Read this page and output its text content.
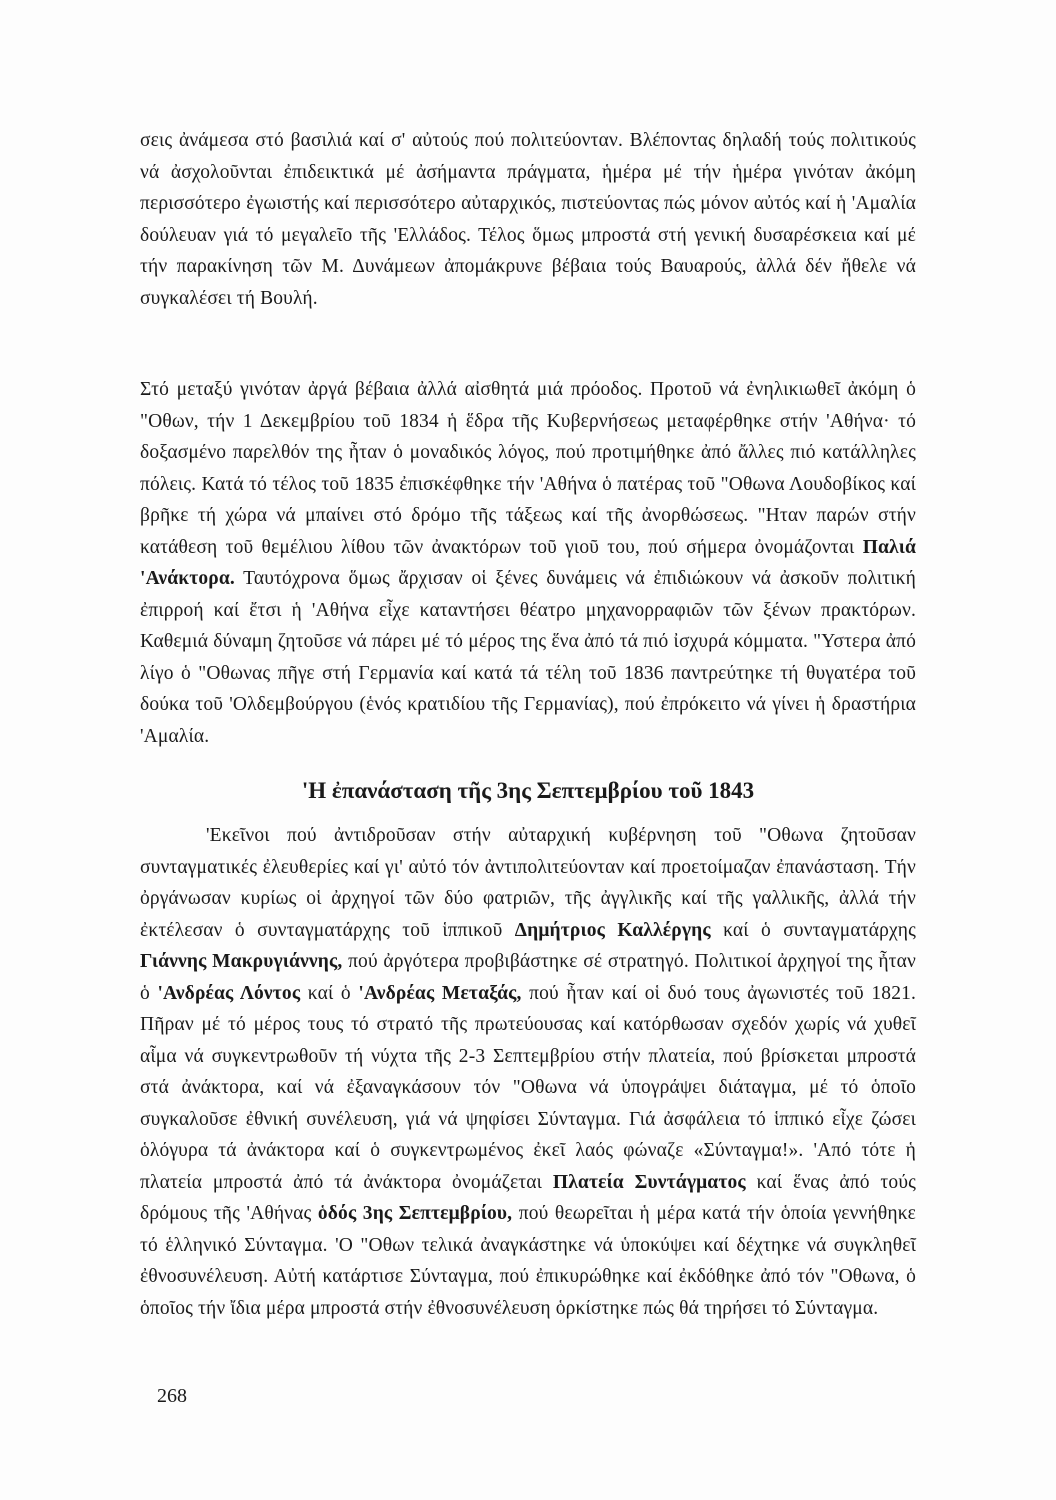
σεις ἀνάμεσα στό βασιλιά καί σ' αὐτούς πού πολιτεύονταν. Βλέποντας δηλαδή τούς πολιτικούς νά ἀσχολοῦνται ἐπιδεικτικά μέ ἀσήμαντα πράγματα, ἡμέρα μέ τήν ἡμέρα γινόταν ἀκόμη περισσότερο ἐγωιστής καί περισσότερο αὐταρχικός, πιστεύοντας πώς μόνον αὐτός καί ἡ 'Αμαλία δούλευαν γιά τό μεγαλεῖο τῆς 'Ελλάδος. Τέλος ὅμως μπροστά στή γενική δυσαρέσκεια καί μέ τήν παρακίνηση τῶν Μ. Δυνάμεων ἀπομάκρυνε βέβαια τούς Βαυαρούς, ἀλλά δέν ἤθελε νά συγκαλέσει τή Βουλή.

Στό μεταξύ γινόταν ἀργά βέβαια ἀλλά αἰσθητά μιά πρόοδος. Προτοῦ νά ἐνηλικιωθεῖ ἀκόμη ὁ "Οθων, τήν 1 Δεκεμβρίου τοῦ 1834 ἡ ἕδρα τῆς Κυβερνήσεως μεταφέρθηκε στήν 'Αθήνα· τό δοξασμένο παρελθόν της ἦταν ὁ μοναδικός λόγος, πού προτιμήθηκε ἀπό ἄλλες πιό κατάλληλες πόλεις. Κατά τό τέλος τοῦ 1835 ἐπισκέφθηκε τήν 'Αθήνα ὁ πατέρας τοῦ "Οθωνα Λουδοβίκος καί βρῆκε τή χώρα νά μπαίνει στό δρόμο τῆς τάξεως καί τῆς ἀνορθώσεως. "Ηταν παρών στήν κατάθεση τοῦ θεμέλιου λίθου τῶν ἀνακτόρων τοῦ γιοῦ του, πού σήμερα ὀνομάζονται Παλιά 'Ανάκτορα. Ταυτόχρονα ὅμως ἄρχισαν οἱ ξένες δυνάμεις νά ἐπιδιώκουν νά ἀσκοῦν πολιτική ἐπιρροή καί ἔτσι ἡ 'Αθήνα εἶχε καταντήσει θέατρο μηχανορραφιῶν τῶν ξένων πρακτόρων. Καθεμιά δύναμη ζητοῦσε νά πάρει μέ τό μέρος της ἕνα ἀπό τά πιό ἰσχυρά κόμματα. "Υστερα ἀπό λίγο ὁ "Οθωνας πῆγε στή Γερμανία καί κατά τά τέλη τοῦ 1836 παντρεύτηκε τή θυγατέρα τοῦ δούκα τοῦ 'Ολδεμβούργου (ἑνός κρατιδίου τῆς Γερμανίας), πού ἐπρόκειτο νά γίνει ἡ δραστήρια 'Αμαλία.

'Η ἐπανάσταση τῆς 3ης Σεπτεμβρίου τοῦ 1843

'Εκεῖνοι πού ἀντιδροῦσαν στήν αὐταρχική κυβέρνηση τοῦ "Οθωνα ζητοῦσαν συνταγματικές ἐλευθερίες καί γι' αὐτό τόν ἀντιπολιτεύονταν καί προετοίμαζαν ἐπανάσταση. Τήν ὀργάνωσαν κυρίως οἱ ἀρχηγοί τῶν δύο φατριῶν, τῆς ἀγγλικῆς καί τῆς γαλλικῆς, ἀλλά τήν ἐκτέλεσαν ὁ συνταγματάρχης τοῦ ἱππικοῦ Δημήτριος Καλλέργης καί ὁ συνταγματάρχης Γιάννης Μακρυγιάννης, πού ἀργότερα προβιβάστηκε σέ στρατηγό. Πολιτικοί ἀρχηγοί της ἦταν ὁ 'Ανδρέας Λόντος καί ὁ 'Ανδρέας Μεταξάς, πού ἦταν καί οἱ δυό τους ἀγωνιστές τοῦ 1821. Πῆραν μέ τό μέρος τους τό στρατό τῆς πρωτεύουσας καί κατόρθωσαν σχεδόν χωρίς νά χυθεῖ αἷμα νά συγκεντρωθοῦν τή νύχτα τῆς 2-3 Σεπτεμβρίου στήν πλατεία, πού βρίσκεται μπροστά στά ἀνάκτορα, καί νά ἐξαναγκάσουν τόν "Οθωνα νά ὑπογράψει διάταγμα, μέ τό ὁποῖο συγκαλοῦσε ἐθνική συνέλευση, γιά νά ψηφίσει Σύνταγμα. Γιά ἀσφάλεια τό ἱππικό εἶχε ζώσει ὁλόγυρα τά ἀνάκτορα καί ὁ συγκεντρωμένος ἐκεῖ λαός φώναζε «Σύνταγμα!». 'Από τότε ἡ πλατεία μπροστά ἀπό τά ἀνάκτορα ὀνομάζεται Πλατεία Συντάγματος καί ἕνας ἀπό τούς δρόμους τῆς 'Αθήνας ὁδός 3ης Σεπτεμβρίου, πού θεωρεῖται ἡ μέρα κατά τήν ὁποία γεννήθηκε τό ἑλληνικό Σύνταγμα. 'Ο "Οθων τελικά ἀναγκάστηκε νά ὑποκύψει καί δέχτηκε νά συγκληθεῖ ἐθνοσυνέλευση. Αὐτή κατάρτισε Σύνταγμα, πού ἐπικυρώθηκε καί ἐκδόθηκε ἀπό τόν "Οθωνα, ὁ ὁποῖος τήν ἴδια μέρα μπροστά στήν ἐθνοσυνέλευση ὁρκίστηκε πώς θά τηρήσει τό Σύνταγμα.

268
